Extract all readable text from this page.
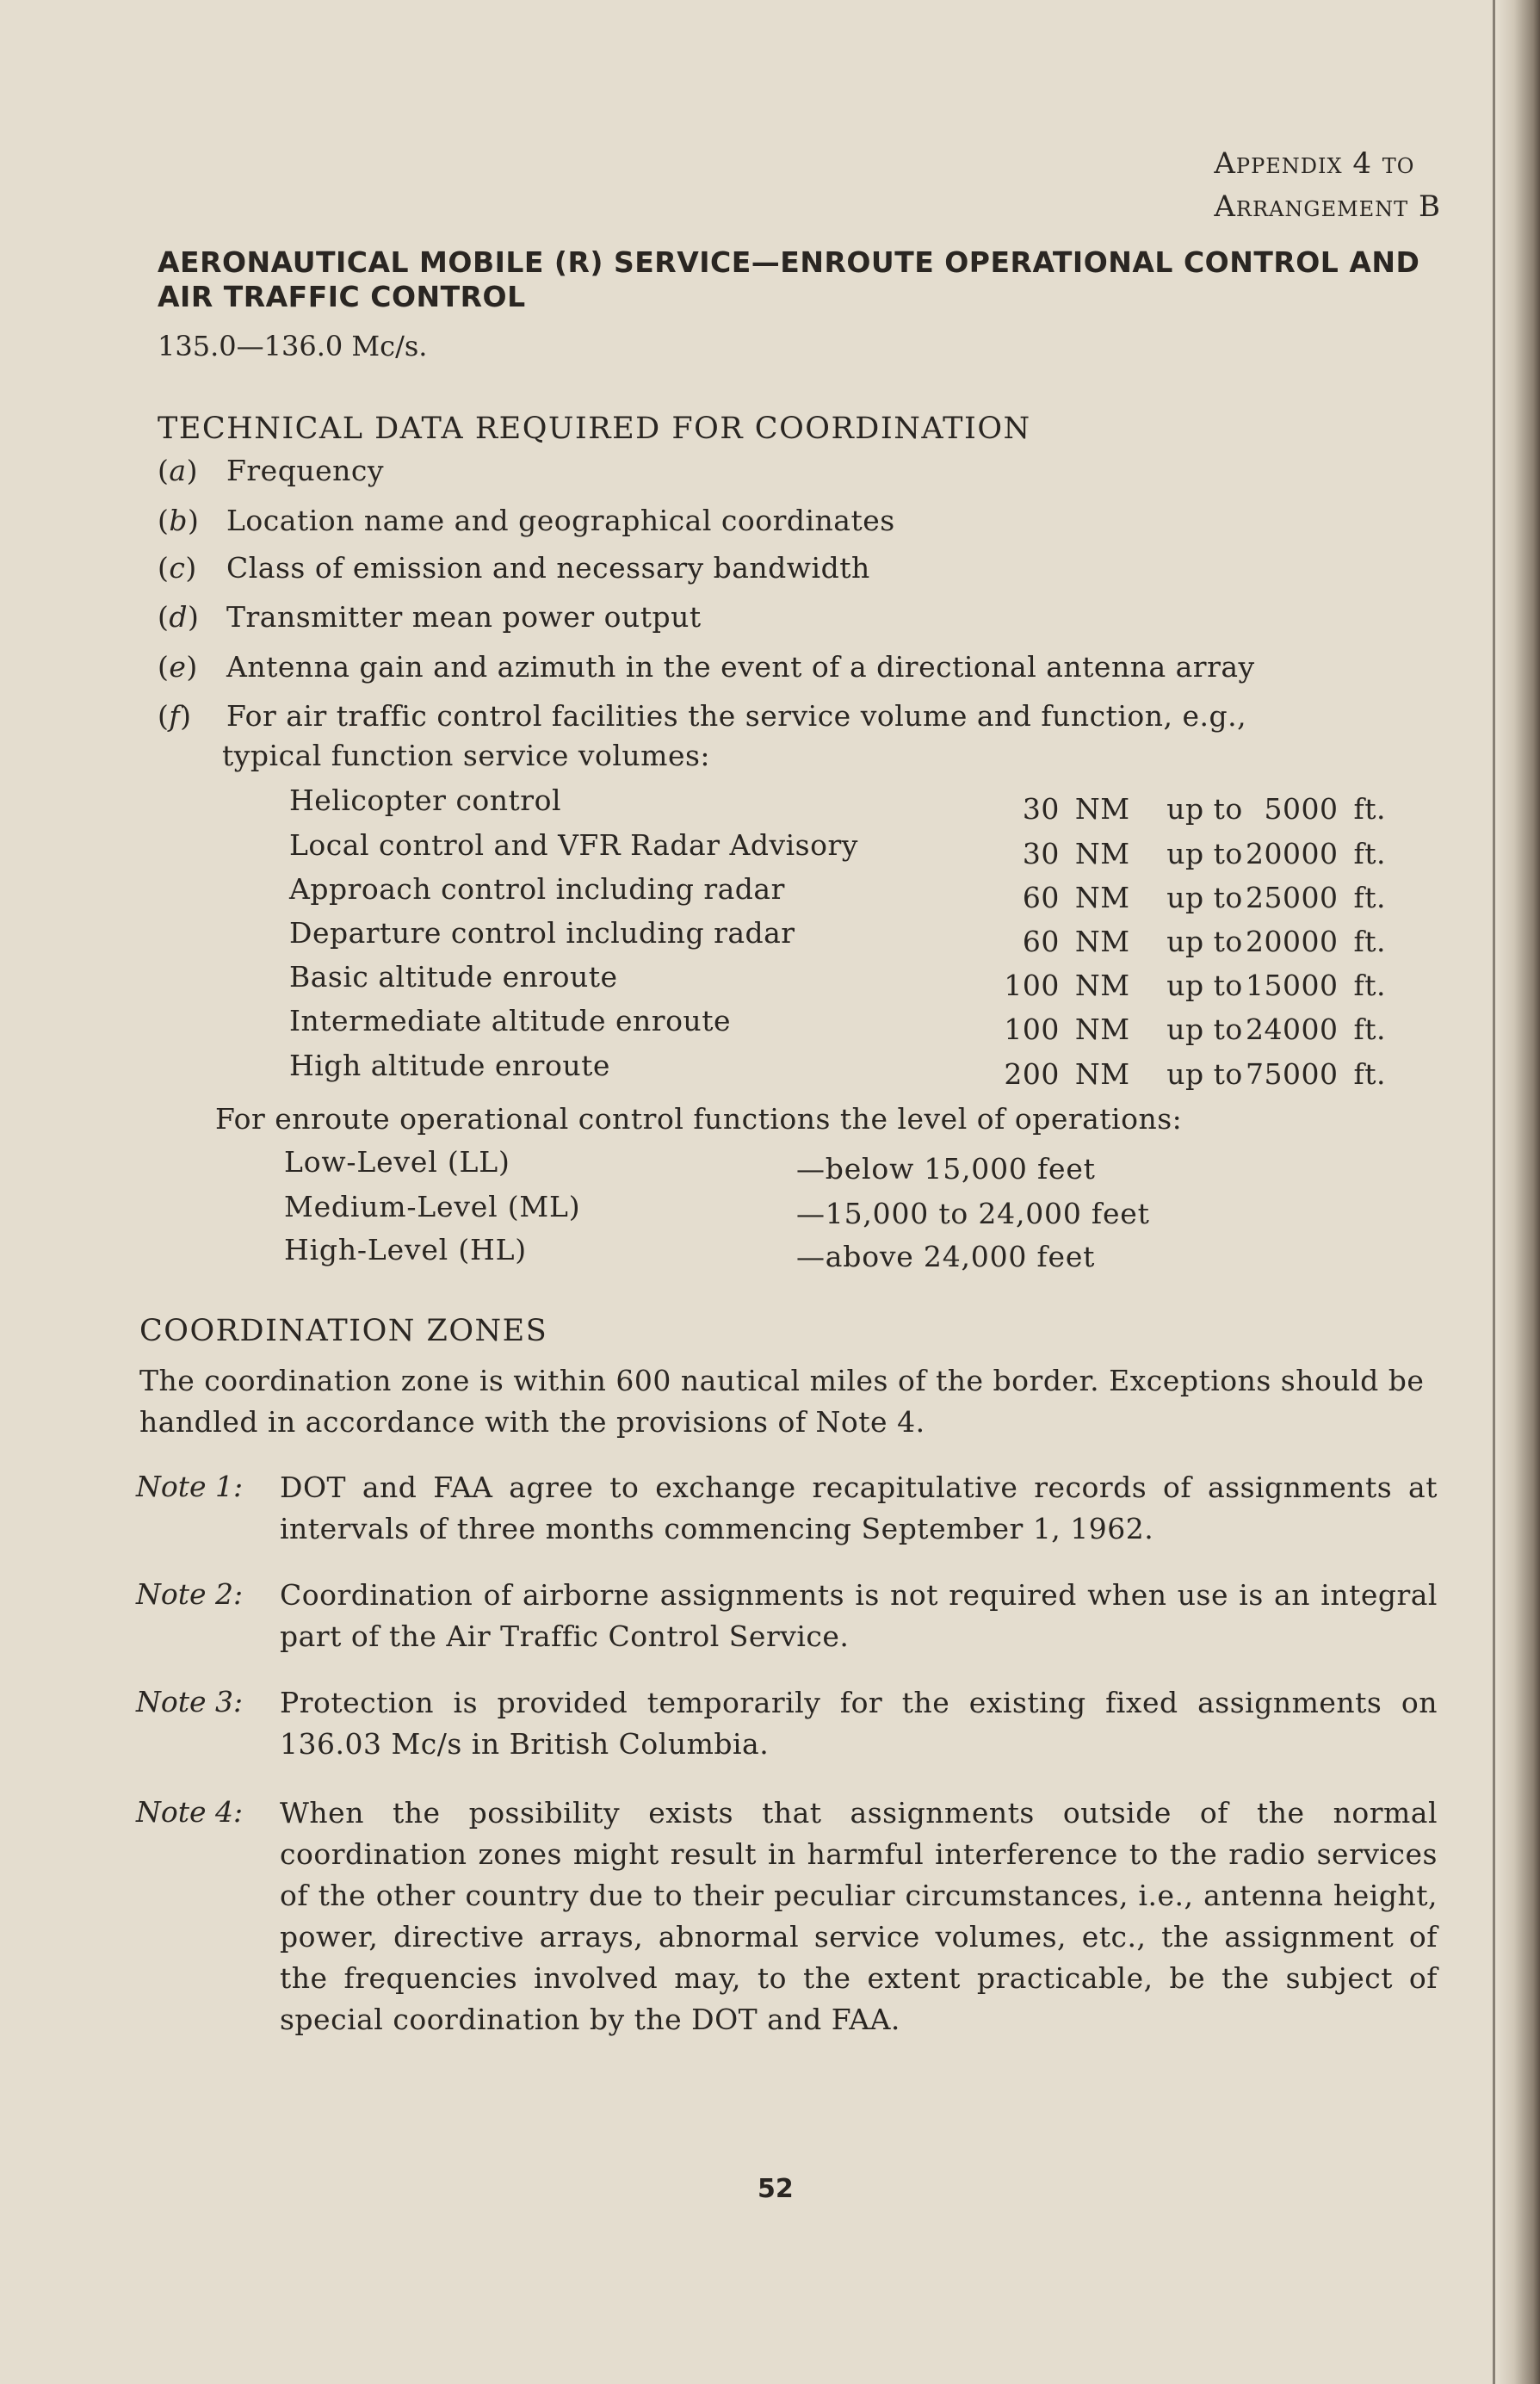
Appendix 4 to
Arrangement B
AERONAUTICAL MOBILE (R) SERVICE—ENROUTE OPERATIONAL CONTROL AND AIR TRAFFIC CONTROL
135.0—136.0 Mc/s.
TECHNICAL DATA REQUIRED FOR COORDINATION
(a) Frequency
(b) Location name and geographical coordinates
(c) Class of emission and necessary bandwidth
(d) Transmitter mean power output
(e) Antenna gain and azimuth in the event of a directional antenna array
(f) For air traffic control facilities the service volume and function, e.g.,
typical function service volumes:
Helicopter control	30 NM	up to 5000 ft.
Local control and VFR Radar Advisory	30 NM	up to 20000 ft.
Approach control including radar	60 NM	up to 25000 ft.
Departure control including radar	60 NM	up to 20000 ft.
Basic altitude enroute	100 NM	up to 15000 ft.
Intermediate altitude enroute	100 NM	up to 24000 ft.
High altitude enroute	200 NM	up to 75000 ft.
For enroute operational control functions the level of operations:
Low-Level (LL)	—below 15,000 feet
Medium-Level (ML)	—15,000 to 24,000 feet
High-Level (HL)	—above 24,000 feet
COORDINATION ZONES
The coordination zone is within 600 nautical miles of the border. Exceptions should be handled in accordance with the provisions of Note 4.
Note 1: DOT and FAA agree to exchange recapitulative records of assignments at intervals of three months commencing September 1, 1962.
Note 2: Coordination of airborne assignments is not required when use is an integral part of the Air Traffic Control Service.
Note 3: Protection is provided temporarily for the existing fixed assignments on 136.03 Mc/s in British Columbia.
Note 4: When the possibility exists that assignments outside of the normal coordination zones might result in harmful interference to the radio services of the other country due to their peculiar circumstances, i.e., antenna height, power, directive arrays, abnormal service volumes, etc., the assignment of the frequencies involved may, to the extent practicable, be the subject of special coordination by the DOT and FAA.
52
